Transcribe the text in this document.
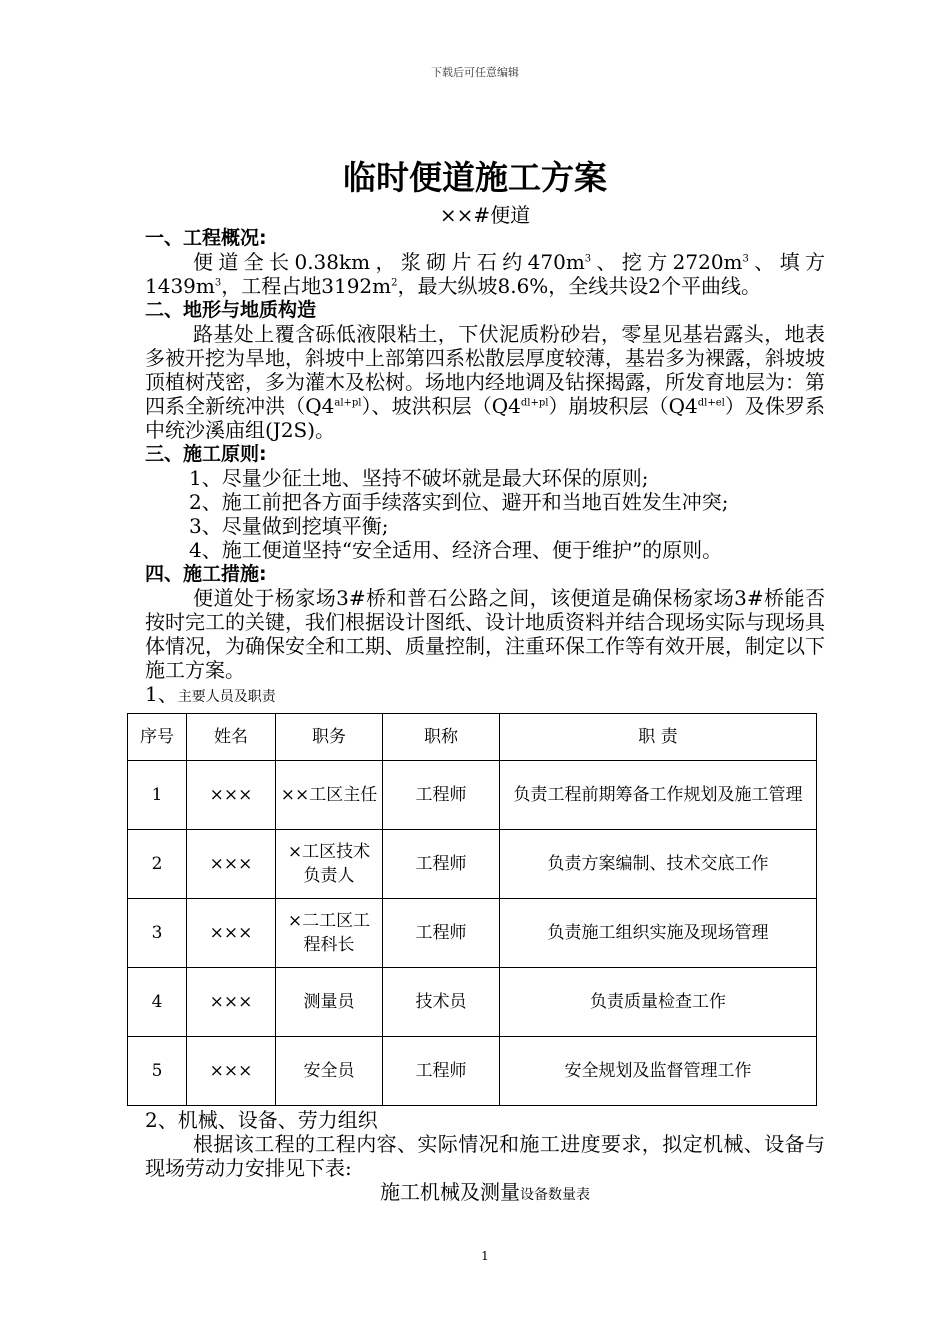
下载后可任意编辑
临时便道施工方案
××#便道

一、工程概况:

便道全长0.38km，浆砌片石约$470m^3$、挖方$2720m^3$、填方

$1439m^3$，工程占地$3192m^2$，最大纵坡8.6%，全线共设2个平曲线。

二、地形与地质构造

路基处上覆含砾低液限粘土，下伏泥质粉砂岩，零星见基岩露头，地表多被开挖为旱地，斜坡中上部第四系松散层厚度较薄，基岩多为裸露，斜坡坡顶植树茂密，多为灌木及松树。场地内经地调及钻探揭露，所发育地层为：第四系全新统冲洪$(Q4^{al+pl})$、坡洪积层$(Q4^{dl+pl})$崩坡积层$(Q4^{dl+el})$及侏罗系中统沙溪庙组(J2S)。

三、施工原则:

1、尽量少征土地、坚持不破坏就是最大环保的原则;

2、施工前把各方面手续落实到位、避开和当地百姓发生冲突;

3、尽量做到挖填平衡;

4、施工便道坚持“安全适用、经济合理、便于维护”的原则。

四、施工措施:

便道处于杨家场3#桥和普石公路之间，该便道是确保杨家场3#桥能否按时完工的关键，我们根据设计图纸、设计地质资料并结合现场实际与现场具体情况，为确保安全和工期、质量控制，注重环保工作等有效开展，制定以下施工方案。

1、主要人员及职责

序号	姓名	职务	职称	职 责
1	×××	××工区主任	工程师	负责工程前期筹备工作规划及施工管理
2	×××	×工区技术负责人	工程师	负责方案编制、技术交底工作
3	×××	×二工区工程科长	工程师	负责施工组织实施及现场管理
4	×××	测量员	技术员	负责质量检查工作
5	×××	安全员	工程师	安全规划及监督管理工作

2、机械、设备、劳力组织

根据该工程的工程内容、实际情况和施工进度要求，拟定机械、设备与现场劳动力安排见下表:

施工机械及测量设备数量表

1
